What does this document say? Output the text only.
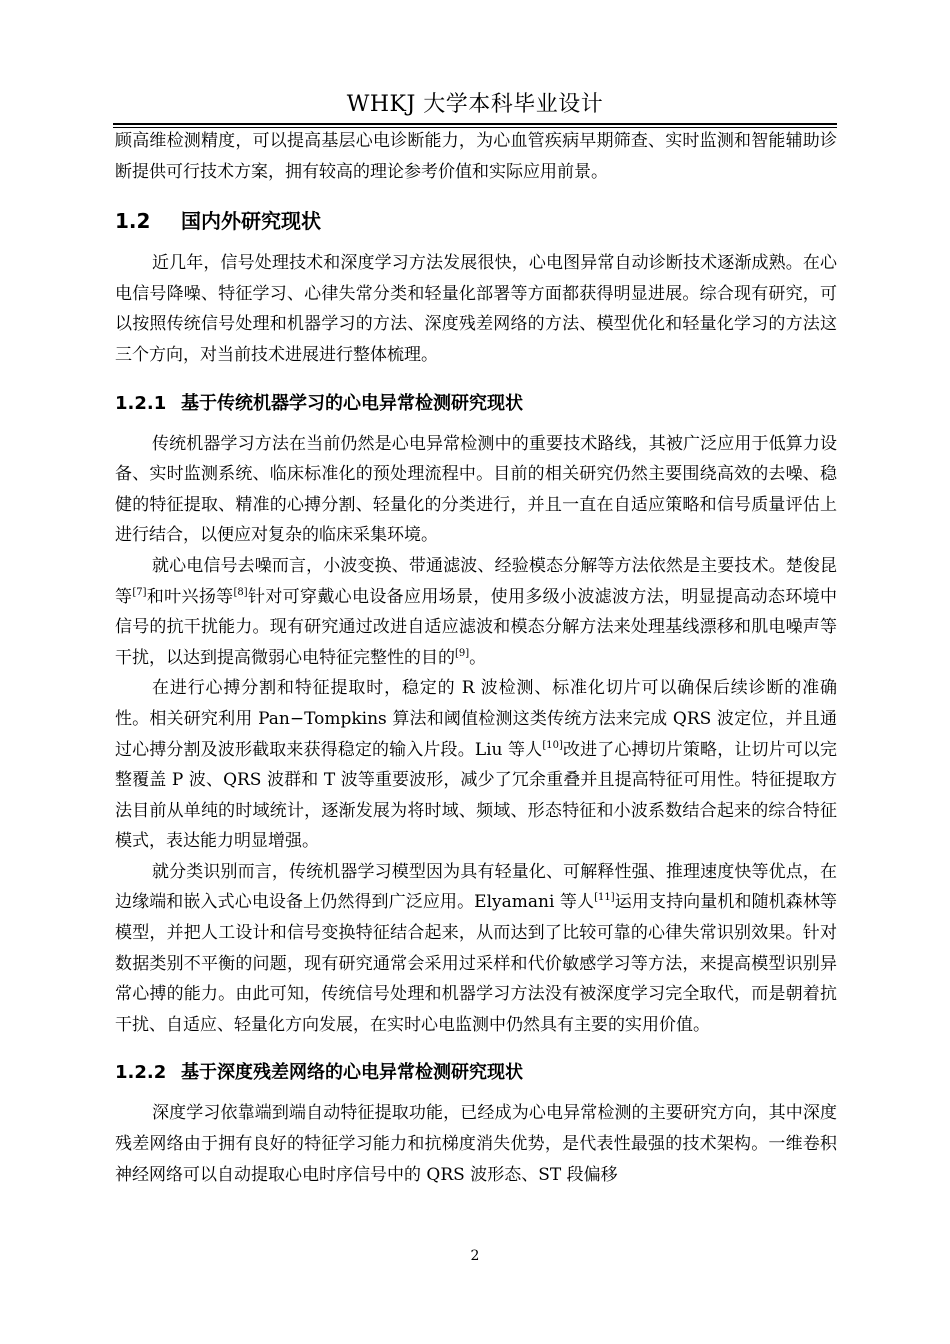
WHKJ 大学本科毕业设计

顾高维检测精度，可以提高基层心电诊断能力，为心血管疾病早期筛查、实时监测和智能辅助诊断提供可行技术方案，拥有较高的理论参考价值和实际应用前景。

1.2 国内外研究现状

近几年，信号处理技术和深度学习方法发展很快，心电图异常自动诊断技术逐渐成熟。在心电信号降噪、特征学习、心律失常分类和轻量化部署等方面都获得明显进展。综合现有研究，可以按照传统信号处理和机器学习的方法、深度残差网络的方法、模型优化和轻量化学习的方法这三个方向，对当前技术进展进行整体梳理。

1.2.1 基于传统机器学习的心电异常检测研究现状

传统机器学习方法在当前仍然是心电异常检测中的重要技术路线，其被广泛应用于低算力设备、实时监测系统、临床标准化的预处理流程中。目前的相关研究仍然主要围绕高效的去噪、稳健的特征提取、精准的心搏分割、轻量化的分类进行，并且一直在自适应策略和信号质量评估上进行结合，以便应对复杂的临床采集环境。

就心电信号去噪而言，小波变换、带通滤波、经验模态分解等方法依然是主要技术。楚俊昆等[7]和叶兴扬等[8]针对可穿戴心电设备应用场景，使用多级小波滤波方法，明显提高动态环境中信号的抗干扰能力。现有研究通过改进自适应滤波和模态分解方法来处理基线漂移和肌电噪声等干扰，以达到提高微弱心电特征完整性的目的[9]。

在进行心搏分割和特征提取时，稳定的 R 波检测、标准化切片可以确保后续诊断的准确性。相关研究利用 Pan−Tompkins 算法和阈值检测这类传统方法来完成 QRS 波定位，并且通过心搏分割及波形截取来获得稳定的输入片段。Liu 等人[10]改进了心搏切片策略，让切片可以完整覆盖 P 波、QRS 波群和 T 波等重要波形，减少了冗余重叠并且提高特征可用性。特征提取方法目前从单纯的时域统计，逐渐发展为将时域、频域、形态特征和小波系数结合起来的综合特征模式，表达能力明显增强。

就分类识别而言，传统机器学习模型因为具有轻量化、可解释性强、推理速度快等优点，在边缘端和嵌入式心电设备上仍然得到广泛应用。Elyamani 等人[11]运用支持向量机和随机森林等模型，并把人工设计和信号变换特征结合起来，从而达到了比较可靠的心律失常识别效果。针对数据类别不平衡的问题，现有研究通常会采用过采样和代价敏感学习等方法，来提高模型识别异常心搏的能力。由此可知，传统信号处理和机器学习方法没有被深度学习完全取代，而是朝着抗干扰、自适应、轻量化方向发展，在实时心电监测中仍然具有主要的实用价值。

1.2.2 基于深度残差网络的心电异常检测研究现状

深度学习依靠端到端自动特征提取功能，已经成为心电异常检测的主要研究方向，其中深度残差网络由于拥有良好的特征学习能力和抗梯度消失优势，是代表性最强的技术架构。一维卷积神经网络可以自动提取心电时序信号中的 QRS 波形态、ST 段偏移

2
